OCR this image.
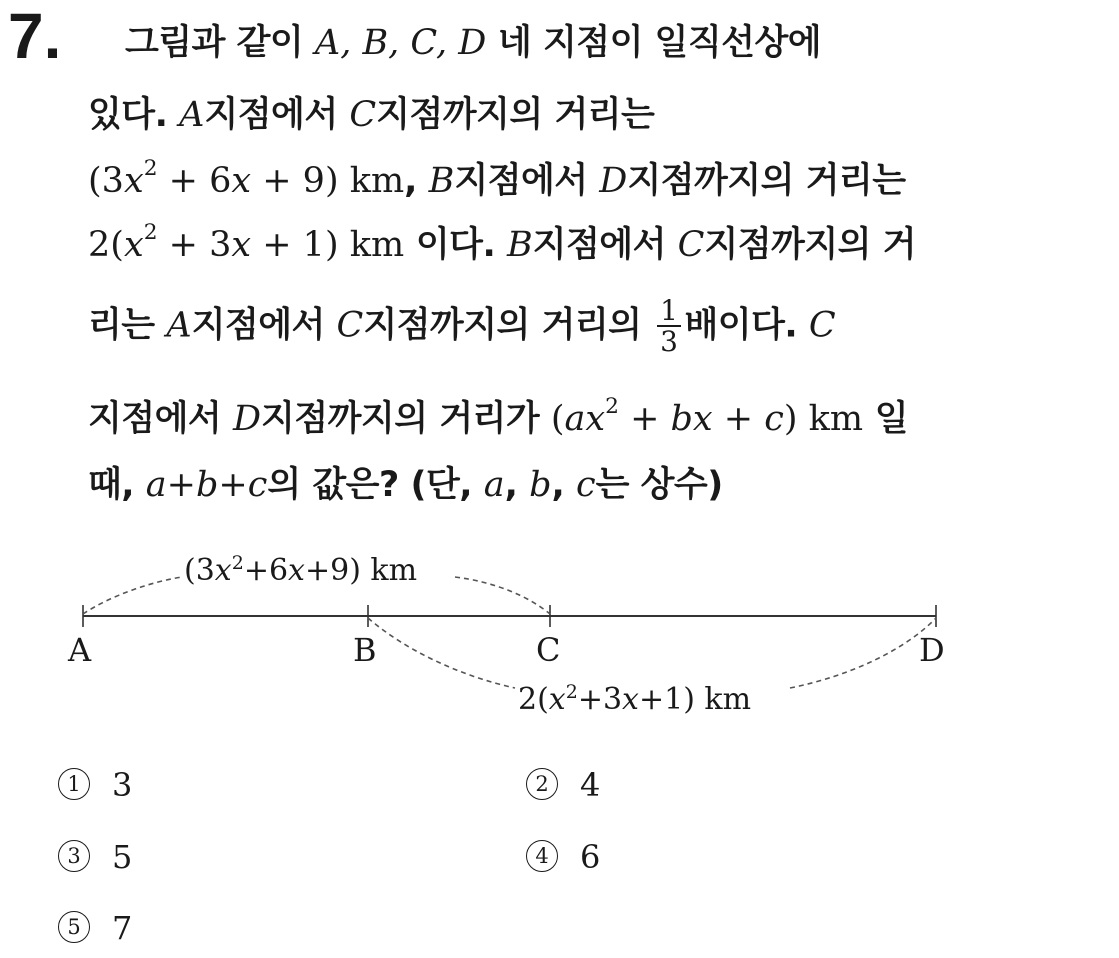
7. 그림과 같이 A, B, C, D 네 지점이 일직선상에
있다. A지점에서 C지점까지의 거리는
$(3x^2 + 6x + 9)$ km, B지점에서 D지점까지의 거리는
$2(x^2 + 3x + 1)$ km 이다. B지점에서 C지점까지의 거
리는 A지점에서 C지점까지의 거리의 $\frac{1}{3}$ 배이다. C
지점에서 D지점까지의 거리가 ($ax^2$ + bx + c) km 일
때, a+b+c의 값은? (단, a, b, c는 상수)
$(3x^2+6x+9)$ km
$2(x^2+3x+1)$ km
A	B	C	D
1 3	2 4
3 5	4 6
5 7
